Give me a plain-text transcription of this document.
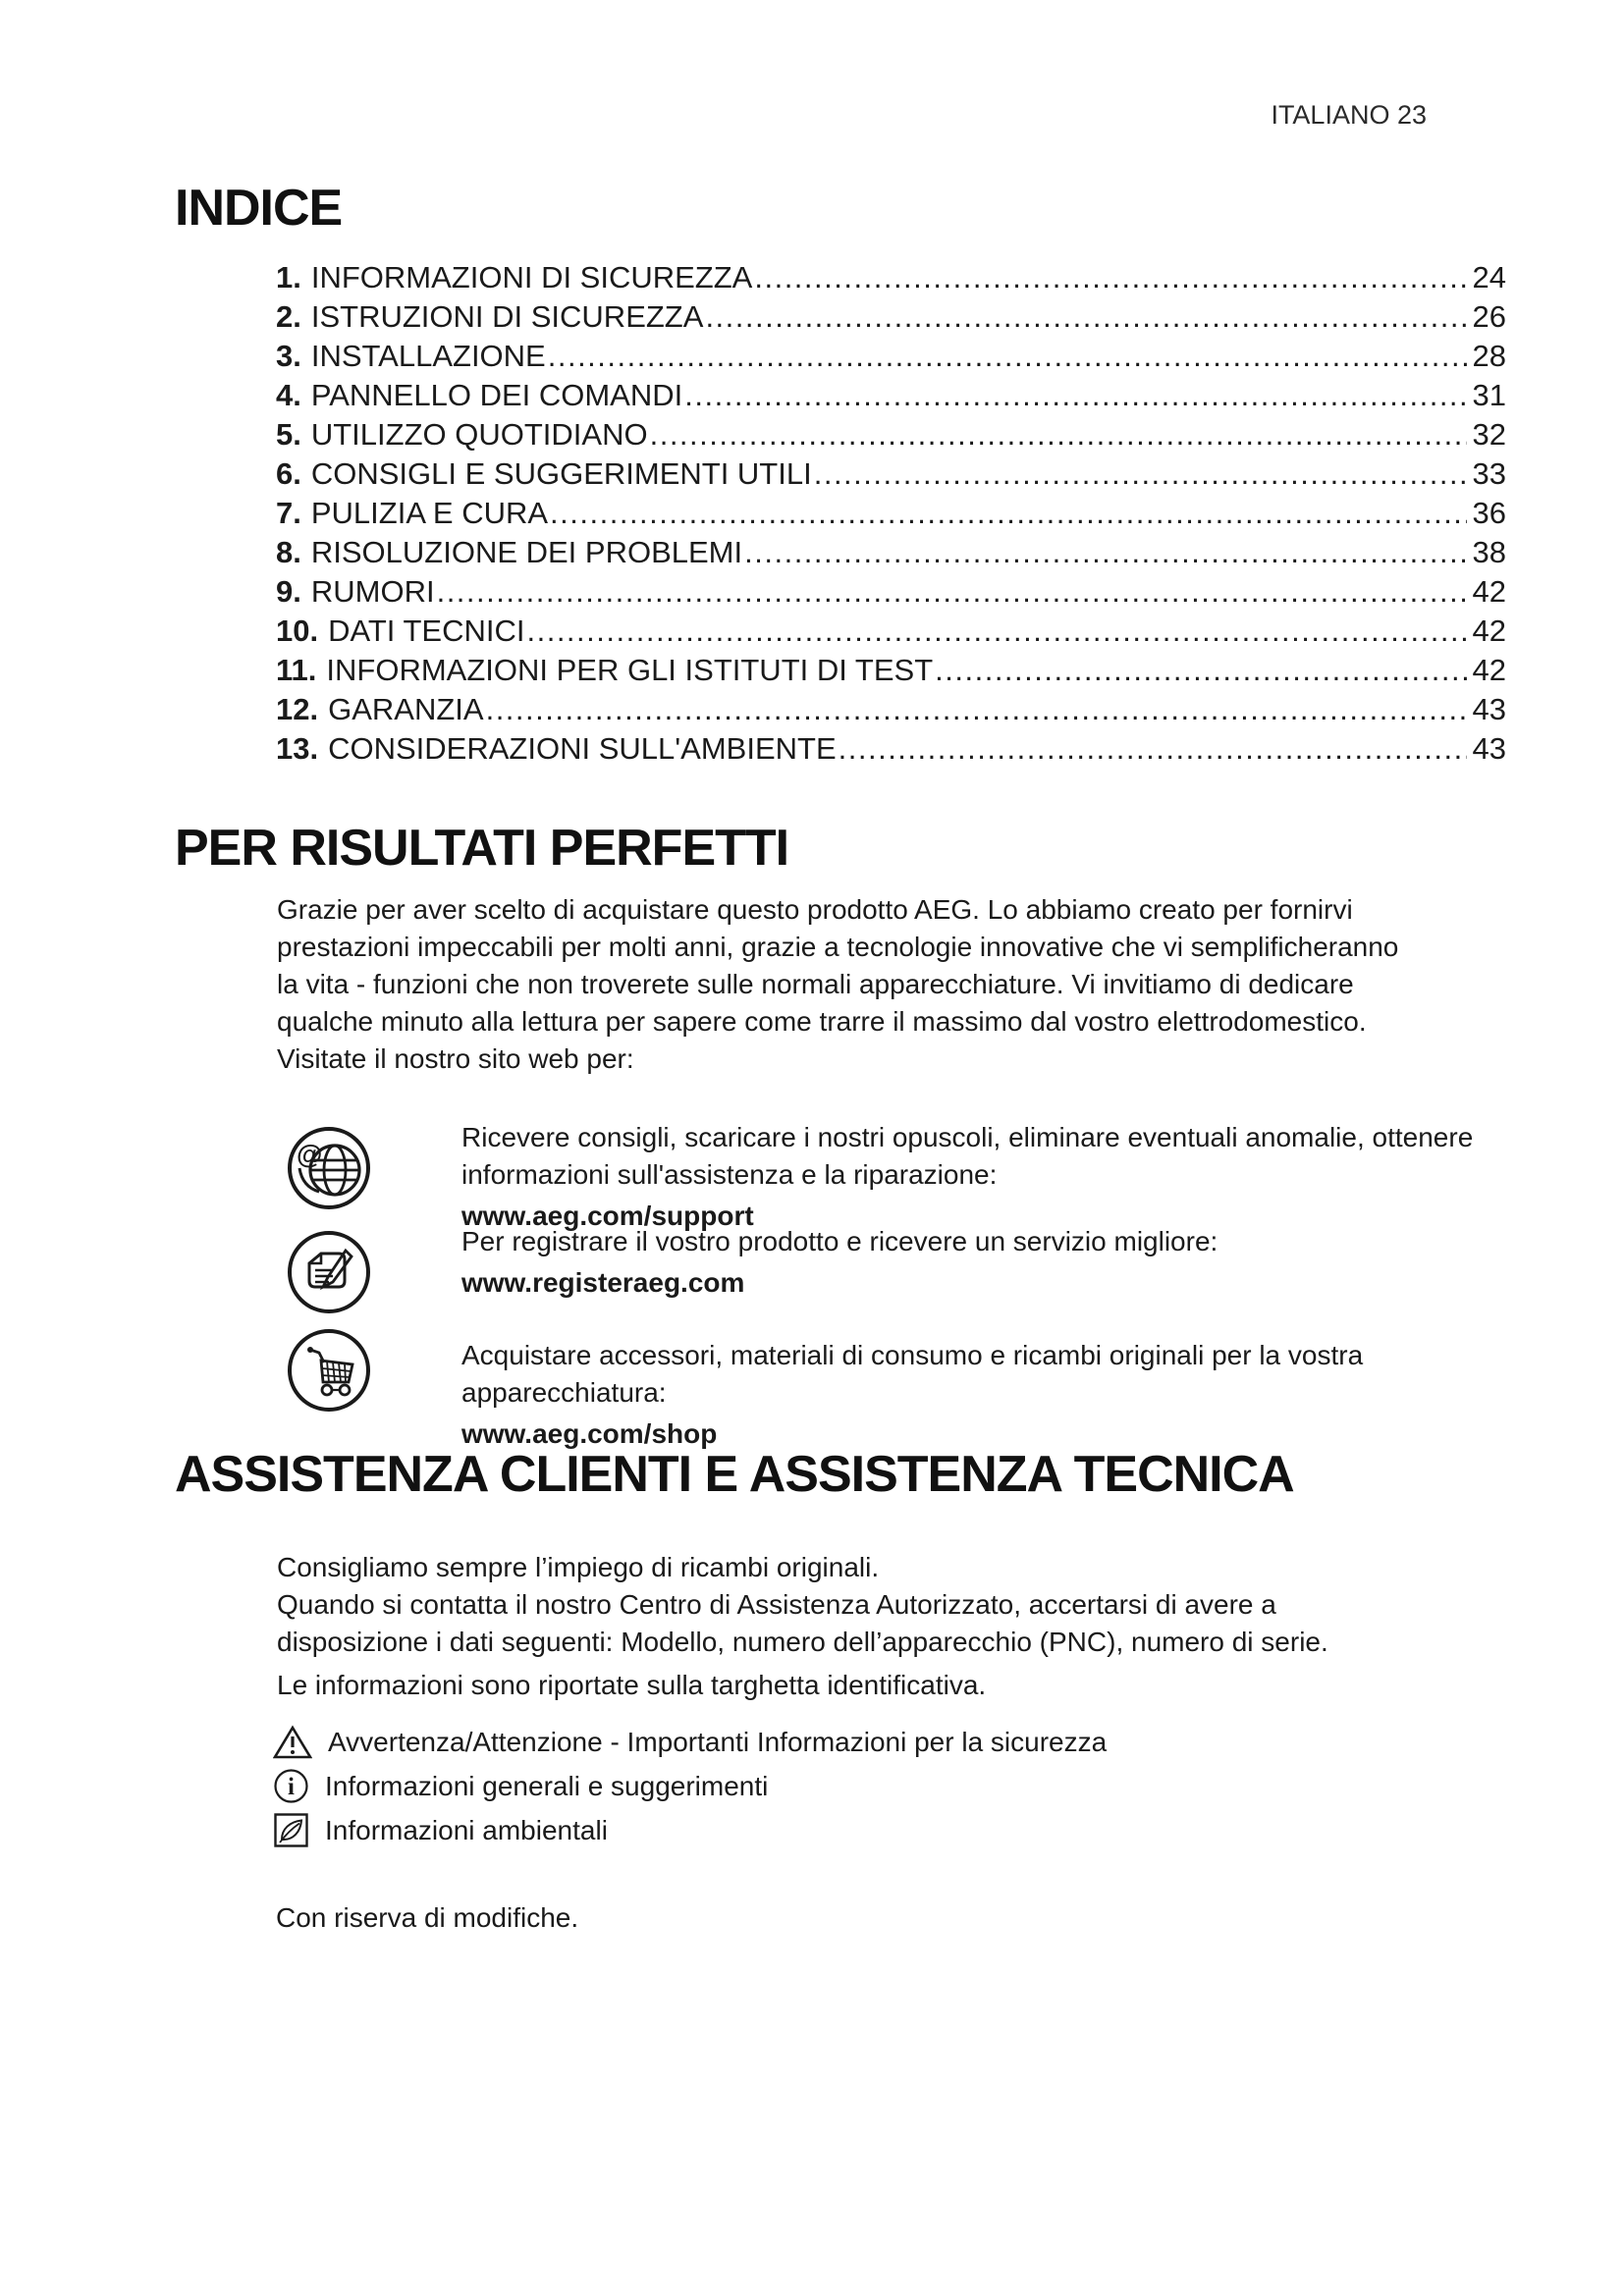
ITALIANO 23
INDICE
1. INFORMAZIONI DI SICUREZZA .....	24
2. ISTRUZIONI DI SICUREZZA .....	26
3. INSTALLAZIONE .....	28
4. PANNELLO DEI COMANDI .....	31
5. UTILIZZO QUOTIDIANO .....	32
6. CONSIGLI E SUGGERIMENTI UTILI .....	33
7. PULIZIA E CURA .....	36
8. RISOLUZIONE DEI PROBLEMI .....	38
9. RUMORI .....	42
10. DATI TECNICI .....	42
11. INFORMAZIONI PER GLI ISTITUTI DI TEST .....	42
12. GARANZIA .....	43
13. CONSIDERAZIONI SULL'AMBIENTE .....	43
PER RISULTATI PERFETTI

Grazie per aver scelto di acquistare questo prodotto AEG. Lo abbiamo creato per fornirvi prestazioni impeccabili per molti anni, grazie a tecnologie innovative che vi semplificheranno la vita - funzioni che non troverete sulle normali apparecchiature. Vi invitiamo di dedicare qualche minuto alla lettura per sapere come trarre il massimo dal vostro elettrodomestico.

Visitate il nostro sito web per:

@

Ricevere consigli, scaricare i nostri opuscoli, eliminare eventuali anomalie, ottenere informazioni sull'assistenza e la riparazione:

www.aeg.com/support

Per registrare il vostro prodotto e ricevere un servizio migliore:

www.registeraeg.com

Acquistare accessori, materiali di consumo e ricambi originali per la vostra apparecchiatura:

www.aeg.com/shop

ASSISTENZA CLIENTI E ASSISTENZA TECNICA

Consigliamo sempre l’impiego di ricambi originali.

Quando si contatta il nostro Centro di Assistenza Autorizzato, accertarsi di avere a disposizione i dati seguenti: Modello, numero dell’apparecchio (PNC), numero di serie.

Le informazioni sono riportate sulla targhetta identificativa.

Avvertenza/Attenzione - Importanti Informazioni per la sicurezza
i Informazioni generali e suggerimenti
Informazioni ambientali
Con riserva di modifiche.
